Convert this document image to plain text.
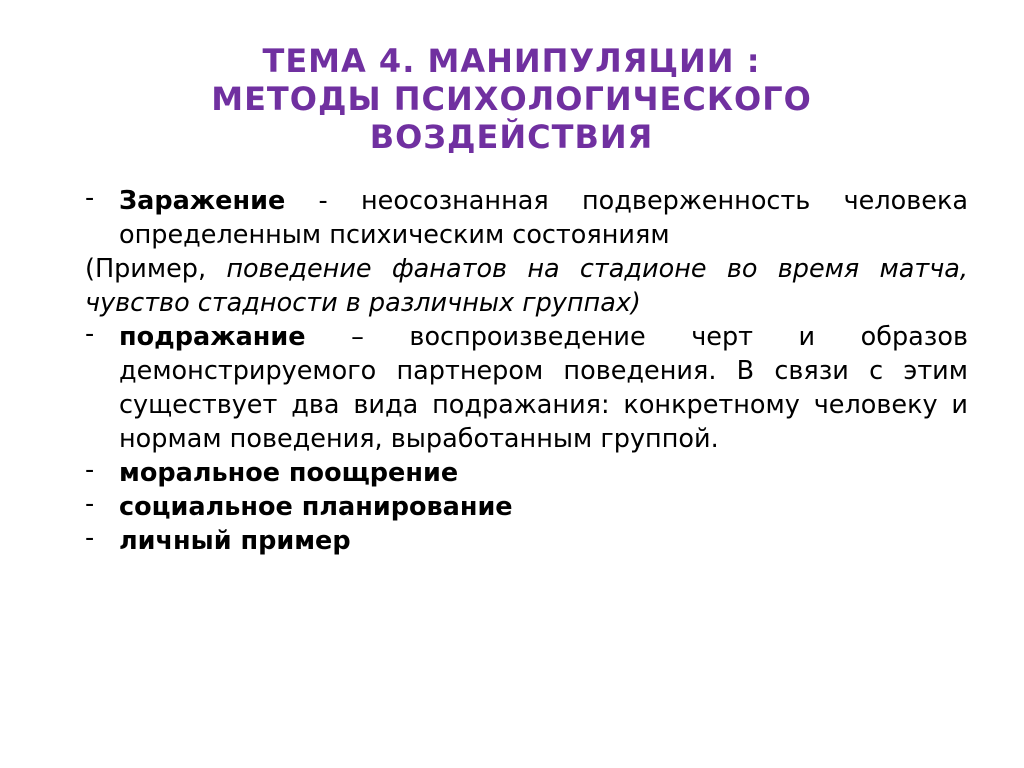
ТЕМА 4. МАНИПУЛЯЦИИ :
МЕТОДЫ ПСИХОЛОГИЧЕСКОГО
ВОЗДЕЙСТВИЯ
- Заражение - неосознанная подверженность человека определенным психическим состояниям
(Пример, поведение фанатов на стадионе во время матча, чувство стадности в различных группах)
- подражание – воспроизведение черт и образов демонстрируемого партнером поведения. В связи с этим существует два вида подражания: конкретному человеку и нормам поведения, выработанным группой.
- моральное поощрение
- социальное планирование
- личный пример
